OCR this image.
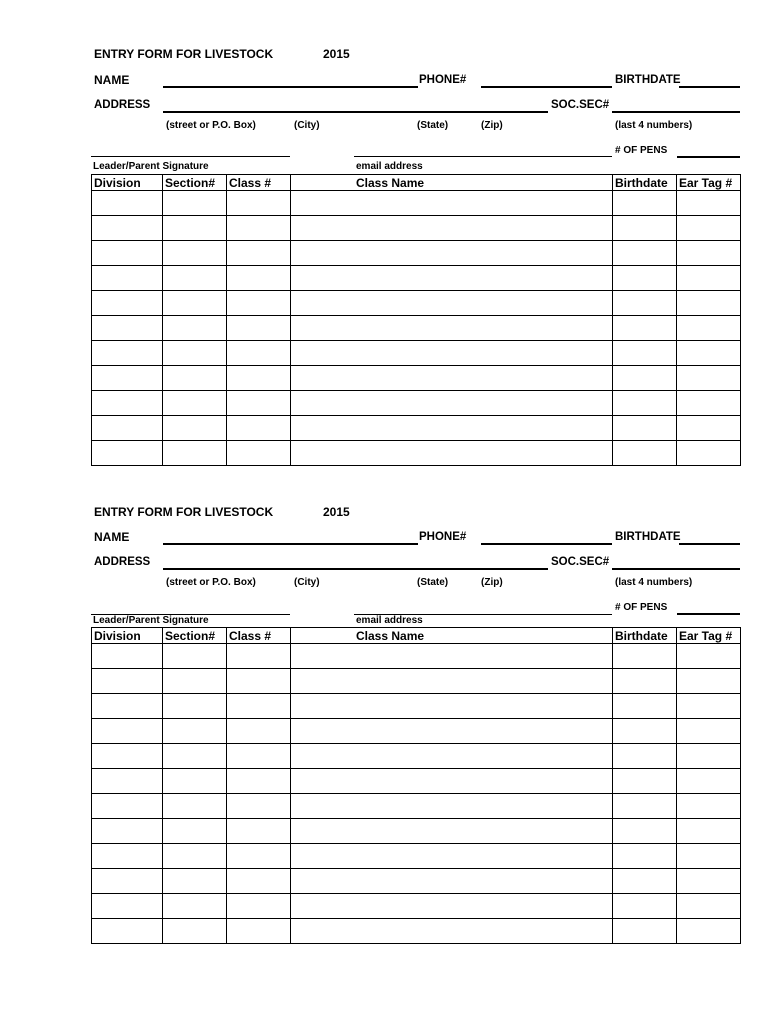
ENTRY FORM FOR LIVESTOCK	2015
NAME	PHONE#	BIRTHDATE
ADDRESS	SOC.SEC#
(street or P.O. Box)	(City)	(State)	(Zip)	(last 4 numbers)
# OF PENS
Leader/Parent Signature	email address
Division	Section#	Class #	Class Name	Birthdate	Ear Tag #

ENTRY FORM FOR LIVESTOCK	2015
NAME	PHONE#	BIRTHDATE
ADDRESS	SOC.SEC#
(street or P.O. Box)	(City)	(State)	(Zip)	(last 4 numbers)
# OF PENS
Leader/Parent Signature	email address
Division	Section#	Class #	Class Name	Birthdate	Ear Tag #
